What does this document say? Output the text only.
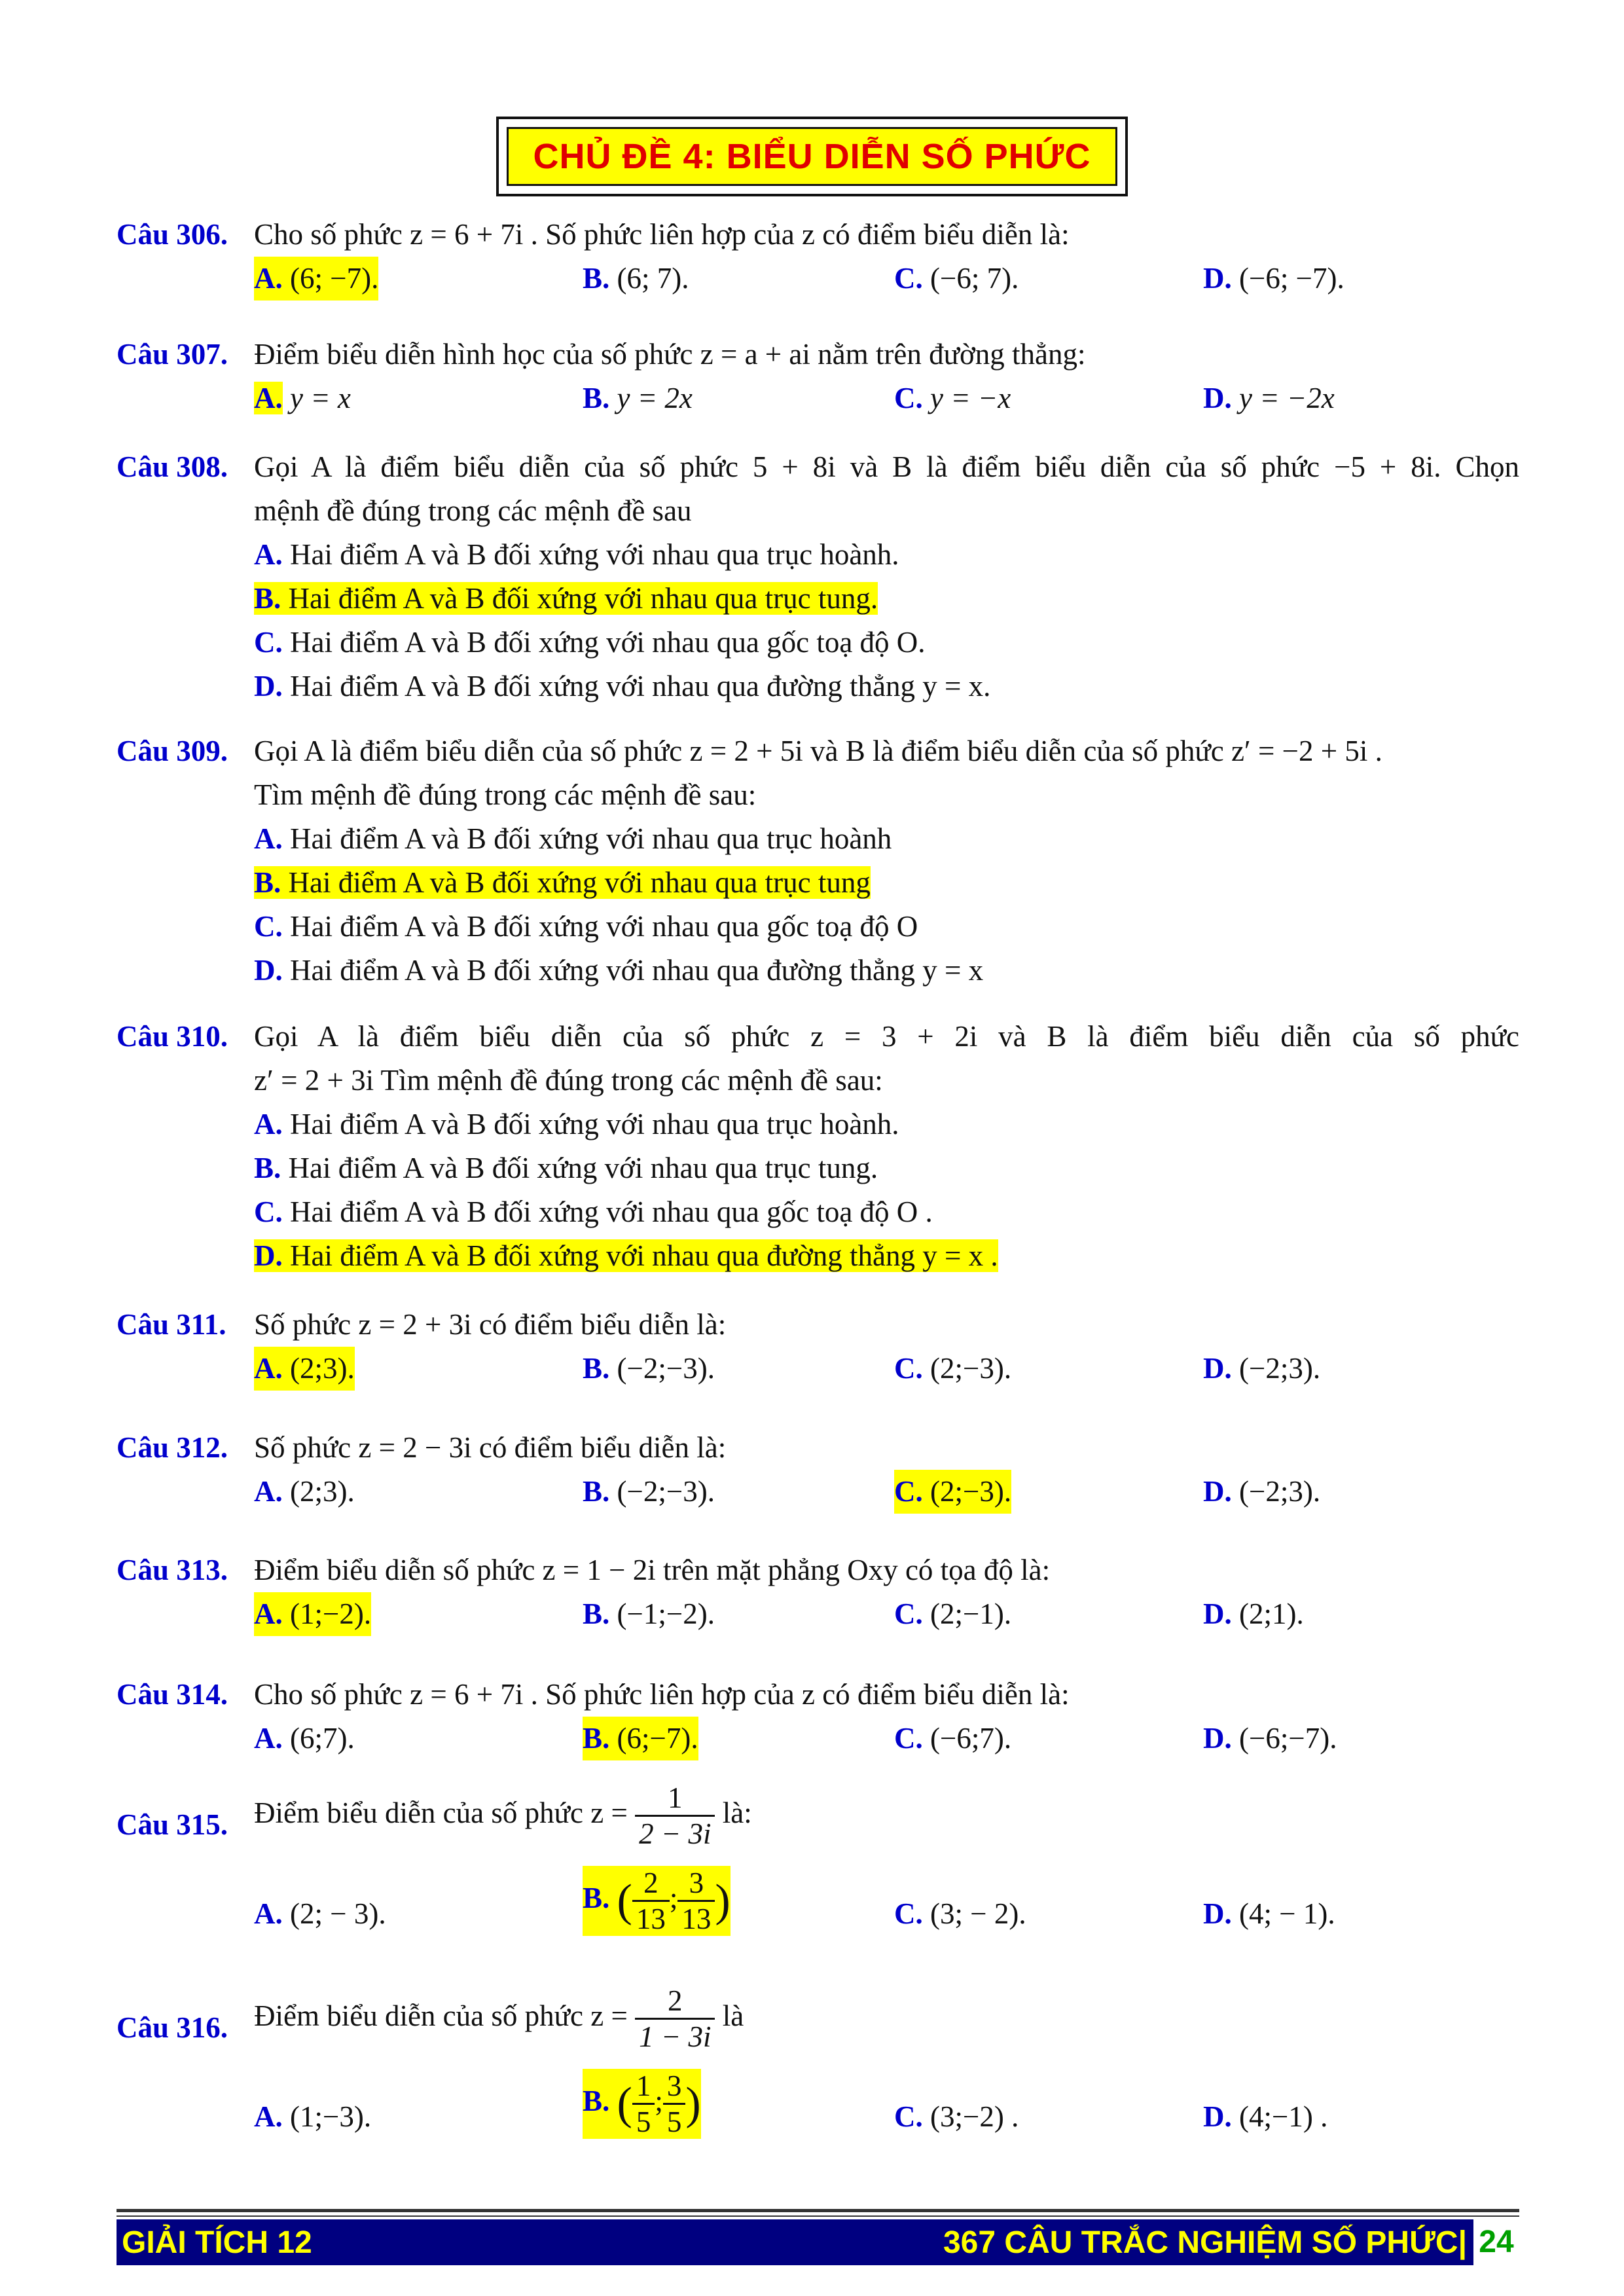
CHỦ ĐỀ 4: BIỂU DIỄN SỐ PHỨC
Câu 306. Cho số phức z = 6 + 7i . Số phức liên hợp của z có điểm biểu diễn là:
A. (6; −7).	B. (6; 7).	C. (−6; 7).	D. (−6; −7).
Câu 307. Điểm biểu diễn hình học của số phức z = a + ai nằm trên đường thẳng:
A. y = x	B. y = 2x	C. y = −x	D. y = −2x
Câu 308. Gọi A là điểm biểu diễn của số phức 5 + 8i và B là điểm biểu diễn của số phức −5 + 8i. Chọn
mệnh đề đúng trong các mệnh đề sau
A. Hai điểm A và B đối xứng với nhau qua trục hoành.
B. Hai điểm A và B đối xứng với nhau qua trục tung.
C. Hai điểm A và B đối xứng với nhau qua gốc toạ độ O.
D. Hai điểm A và B đối xứng với nhau qua đường thẳng y = x.
Câu 309. Gọi A là điểm biểu diễn của số phức z = 2 + 5i và B là điểm biểu diễn của số phức z′ = −2 + 5i .
Tìm mệnh đề đúng trong các mệnh đề sau:
A. Hai điểm A và B đối xứng với nhau qua trục hoành
B. Hai điểm A và B đối xứng với nhau qua trục tung
C. Hai điểm A và B đối xứng với nhau qua gốc toạ độ O
D. Hai điểm A và B đối xứng với nhau qua đường thẳng y = x
Câu 310. Gọi A là điểm biểu diễn của số phức z = 3 + 2i và B là điểm biểu diễn của số phức
z′ = 2 + 3i Tìm mệnh đề đúng trong các mệnh đề sau:
A. Hai điểm A và B đối xứng với nhau qua trục hoành.
B. Hai điểm A và B đối xứng với nhau qua trục tung.
C. Hai điểm A và B đối xứng với nhau qua gốc toạ độ O .
D. Hai điểm A và B đối xứng với nhau qua đường thẳng y = x .
Câu 311. Số phức z = 2 + 3i có điểm biểu diễn là:
A. (2;3).	B. (−2;−3).	C. (2;−3).	D. (−2;3).
Câu 312. Số phức z = 2 − 3i có điểm biểu diễn là:
A. (2;3).	B. (−2;−3).	C. (2;−3).	D. (−2;3).
Câu 313. Điểm biểu diễn số phức z = 1 − 2i trên mặt phẳng Oxy có tọa độ là:
A. (1;−2).	B. (−1;−2).	C. (2;−1).	D. (2;1).
Câu 314. Cho số phức z = 6 + 7i . Số phức liên hợp của z có điểm biểu diễn là:
A. (6;7).	B. (6;−7).	C. (−6;7).	D. (−6;−7).
Câu 315. Điểm biểu diễn của số phức $z = \frac{1}{2 - 3i}$ là:
A. (2; − 3).	B. ( $\frac{2}{13}$ ; $\frac{3}{13}$ )	C. (3; − 2).	D. (4; − 1).
Câu 316. Điểm biểu diễn của số phức $z = \frac{2}{1 - 3i}$ là
A. (1;−3).	B. ( $\frac{1}{5}$ ; $\frac{3}{5}$ )	C. (3;−2) .	D. (4;−1) .
GIẢI TÍCH 12	367 CÂU TRẮC NGHIỆM SỐ PHỨC| 24
